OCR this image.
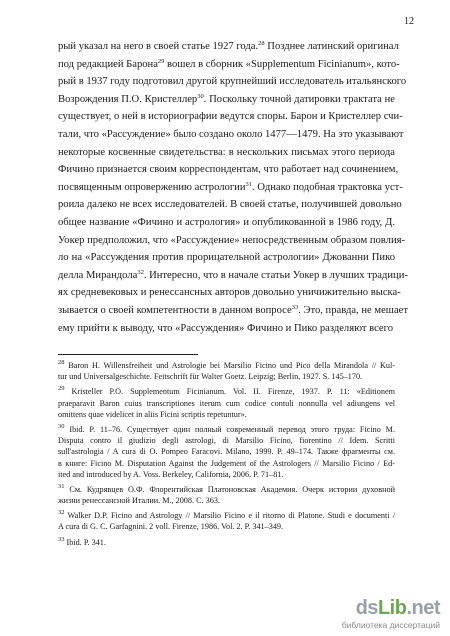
12
рый указал на него в своей статье 1927 года.$^{28}$ Позднее латинский оригинал
под редакцией Барона$^{29}$ вошел в сборник «Supplementum Ficinianum», кото-
рый в 1937 году подготовил другой крупнейший исследователь итальянского
Возрождения П.О. Кристеллер$^{30}$. Поскольку точной датировки трактата не
существует, о ней в историографии ведутся споры. Барон и Кристеллер счи-
тали, что «Рассуждение» было создано около 1477—1479. На это указывают
некоторые косвенные свидетельства: в нескольких письмах этого периода
Фичино признается своим корреспондентам, что работает над сочинением,
посвященным опровержению астрологии$^{31}$. Однако подобная трактовка уст-
роила далеко не всех исследователей. В своей статье, получившей довольно
общее название «Фичино и астрология» и опубликованной в 1986 году, Д.
Уокер предположил, что «Рассуждение» непосредственным образом повлия-
ло на «Рассуждения против прорицательной астрологии» Джованни Пико
делла Мирандола$^{32}$. Интересно, что в начале статьи Уокер в лучших традици-
ях средневековых и ренессансных авторов довольно уничижительно выска-
зывается о своей компетентности в данном вопросе$^{33}$. Это, правда, не мешает
ему прийти к выводу, что «Рассуждения» Фичино и Пико разделяют всего
$^{28}$ Baron H. Willensfreiheit und Astrologie bei Marsilio Ficino und Pico della Mirandola // Kul-
tur und Universalgeschichte. Feitschrift für Walter Goetz. Leipzig; Berlin, 1927. S. 145–170.
$^{29}$ Kristeller P.O. Supplementum Ficinianum. Vol. II. Firenze, 1937. P. 11: «Editionem
praeparavit Baron cuius transcriptiones iterum cum codice contuli nonnulla vel adiungens vel
omittens quae videlicet in aliis Ficini scriptis repetuntur».
$^{30}$ Ibid. P. 11–76. Существует один полный современный перевод этого труда: Ficino M.
Disputa contro il giudizio degli astrologi, di Marsilio Ficino, fiorentino // Idem. Scritti
sull'astrologia / A cura di O. Pompeo Faracovi. Milano, 1999. P. 49–174. Также фрагменты см.
в книге: Ficino M. Disputation Against the Judgement of the Astrologers // Marsilio Ficino / Ed-
ited and introduced by A. Voss. Berkeley, California, 2006. P. 71–81.
$^{31}$ См. Кудрявцев О.Ф. Флорентийская Платоновская Академия. Очерк истории духовной
жизни ренессансной Италии. М., 2008. С. 363.
$^{32}$ Walker D.P. Ficino and Astrology // Marsilio Ficino e il ritorno di Platone. Studi e documenti /
A cura di G. C. Garfagnini. 2 voll. Firenze, 1986. Vol. 2. P. 341–349.
$^{33}$ Ibid. P. 341.
dsLib.net
библиотека диссертаций
